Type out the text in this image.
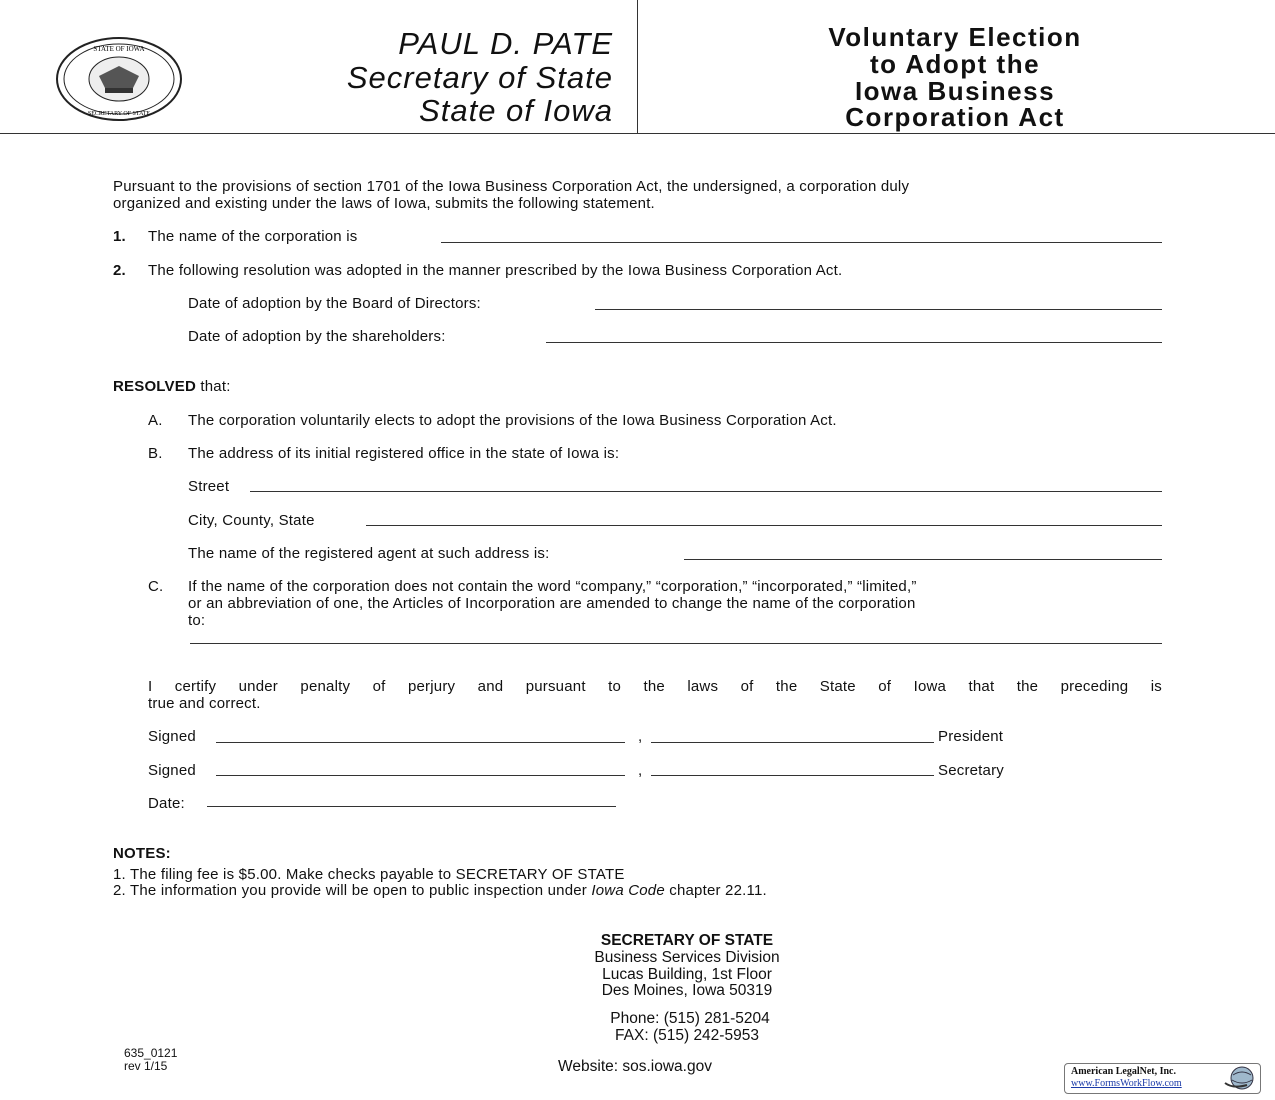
STATE OF IOWA
SECRETARY OF STATE
PAUL D. PATE
Secretary of State
State of Iowa
Voluntary Election
to Adopt the
Iowa Business
Corporation Act
Pursuant to the provisions of section 1701 of the Iowa Business Corporation Act, the undersigned, a corporation duly
organized and existing under the laws of Iowa, submits the following statement.
1. The name of the corporation is
2. The following resolution was adopted in the manner prescribed by the Iowa Business Corporation Act.
Date of adoption by the Board of Directors:
Date of adoption by the shareholders:
RESOLVED that:
A. The corporation voluntarily elects to adopt the provisions of the Iowa Business Corporation Act.
B. The address of its initial registered office in the state of Iowa is:
Street
City, County, State
The name of the registered agent at such address is:
C. If the name of the corporation does not contain the word “company,” “corporation,” “incorporated,” “limited,”
or an abbreviation of one, the Articles of Incorporation are amended to change the name of the corporation
to:
I certify under penalty of perjury and pursuant to the laws of the State of Iowa that the preceding is
true and correct.
Signed	,	President
Signed	,	Secretary
Date:
NOTES:
1. The filing fee is $5.00. Make checks payable to SECRETARY OF STATE
2. The information you provide will be open to public inspection under Iowa Code chapter 22.11.
SECRETARY OF STATE
Business Services Division
Lucas Building, 1st Floor
Des Moines, Iowa 50319
Phone: (515) 281-5204
FAX: (515) 242-5953
Website: sos.iowa.gov
635_0121
rev 1/15	American LegalNet, Inc.
www.FormsWorkFlow.com
